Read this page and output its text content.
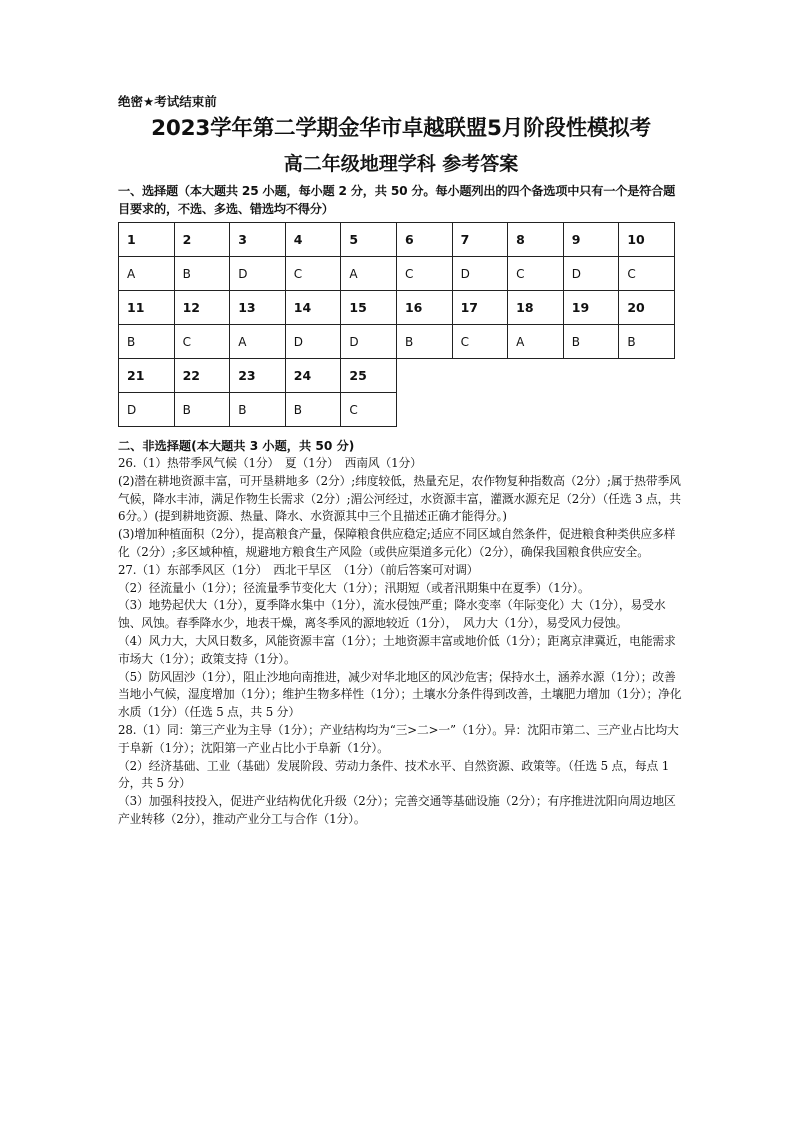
绝密★考试结束前
2023学年第二学期金华市卓越联盟5月阶段性模拟考
高二年级地理学科 参考答案
一、选择题（本大题共 25 小题，每小题 2 分，共 50 分。每小题列出的四个备选项中只有一个是符合题目要求的，不选、多选、错选均不得分）
1	2	3	4	5	6	7	8	9	10
A	B	D	C	A	C	D	C	D	C
11	12	13	14	15	16	17	18	19	20
B	C	A	D	D	B	C	A	B	B
21	22	23	24	25					
D	B	B	B	C					
二、非选择题(本大题共 3 小题，共 50 分)
26.（1）热带季风气候（1分）　夏（1分）　西南风（1分）
(2)潜在耕地资源丰富，可开垦耕地多（2分）;纬度较低，热量充足，农作物复种指数高（2分）;属于热带季风气候，降水丰沛，满足作物生长需求（2分）;湄公河经过，水资源丰富，灌溉水源充足（2分）（任选 3 点，共 6分。）(提到耕地资源、热量、降水、水资源其中三个且描述正确才能得分。)
(3)增加种植面积（2分），提高粮食产量，保障粮食供应稳定;适应不同区域自然条件，促进粮食种类供应多样化（2分）;多区域种植，规避地方粮食生产风险（或供应渠道多元化）（2分），确保我国粮食供应安全。
27.（1）东部季风区（1分）　西北干旱区　（1分）（前后答案可对调）
（2）径流量小（1分）；径流量季节变化大（1分）；汛期短（或者汛期集中在夏季）（1分）。
（3）地势起伏大（1分），夏季降水集中（1分），流水侵蚀严重；降水变率（年际变化）大（1分），易受水蚀、风蚀。春季降水少，地表干燥，离冬季风的源地较近（1分），　风力大（1分），易受风力侵蚀。
（4）风力大，大风日数多，风能资源丰富（1分）；土地资源丰富或地价低（1分）；距离京津冀近，电能需求市场大（1分）；政策支持（1分）。
（5）防风固沙（1分），阻止沙地向南推进，减少对华北地区的风沙危害；保持水土，涵养水源（1分）；改善当地小气候，湿度增加（1分）；维护生物多样性（1分）；土壤水分条件得到改善，土壤肥力增加（1分）；净化水质（1分）（任选 5 点，共 5 分）
28.（1）同：第三产业为主导（1分）；产业结构均为“三>二>一”（1分）。异：沈阳市第二、三产业占比均大于阜新（1分）；沈阳第一产业占比小于阜新（1分）。
（2）经济基础、工业（基础）发展阶段、劳动力条件、技术水平、自然资源、政策等。（任选 5 点，每点 1 分，共 5 分）
（3）加强科技投入，促进产业结构优化升级（2分）；完善交通等基础设施（2分）；有序推进沈阳向周边地区产业转移（2分），推动产业分工与合作（1分）。
